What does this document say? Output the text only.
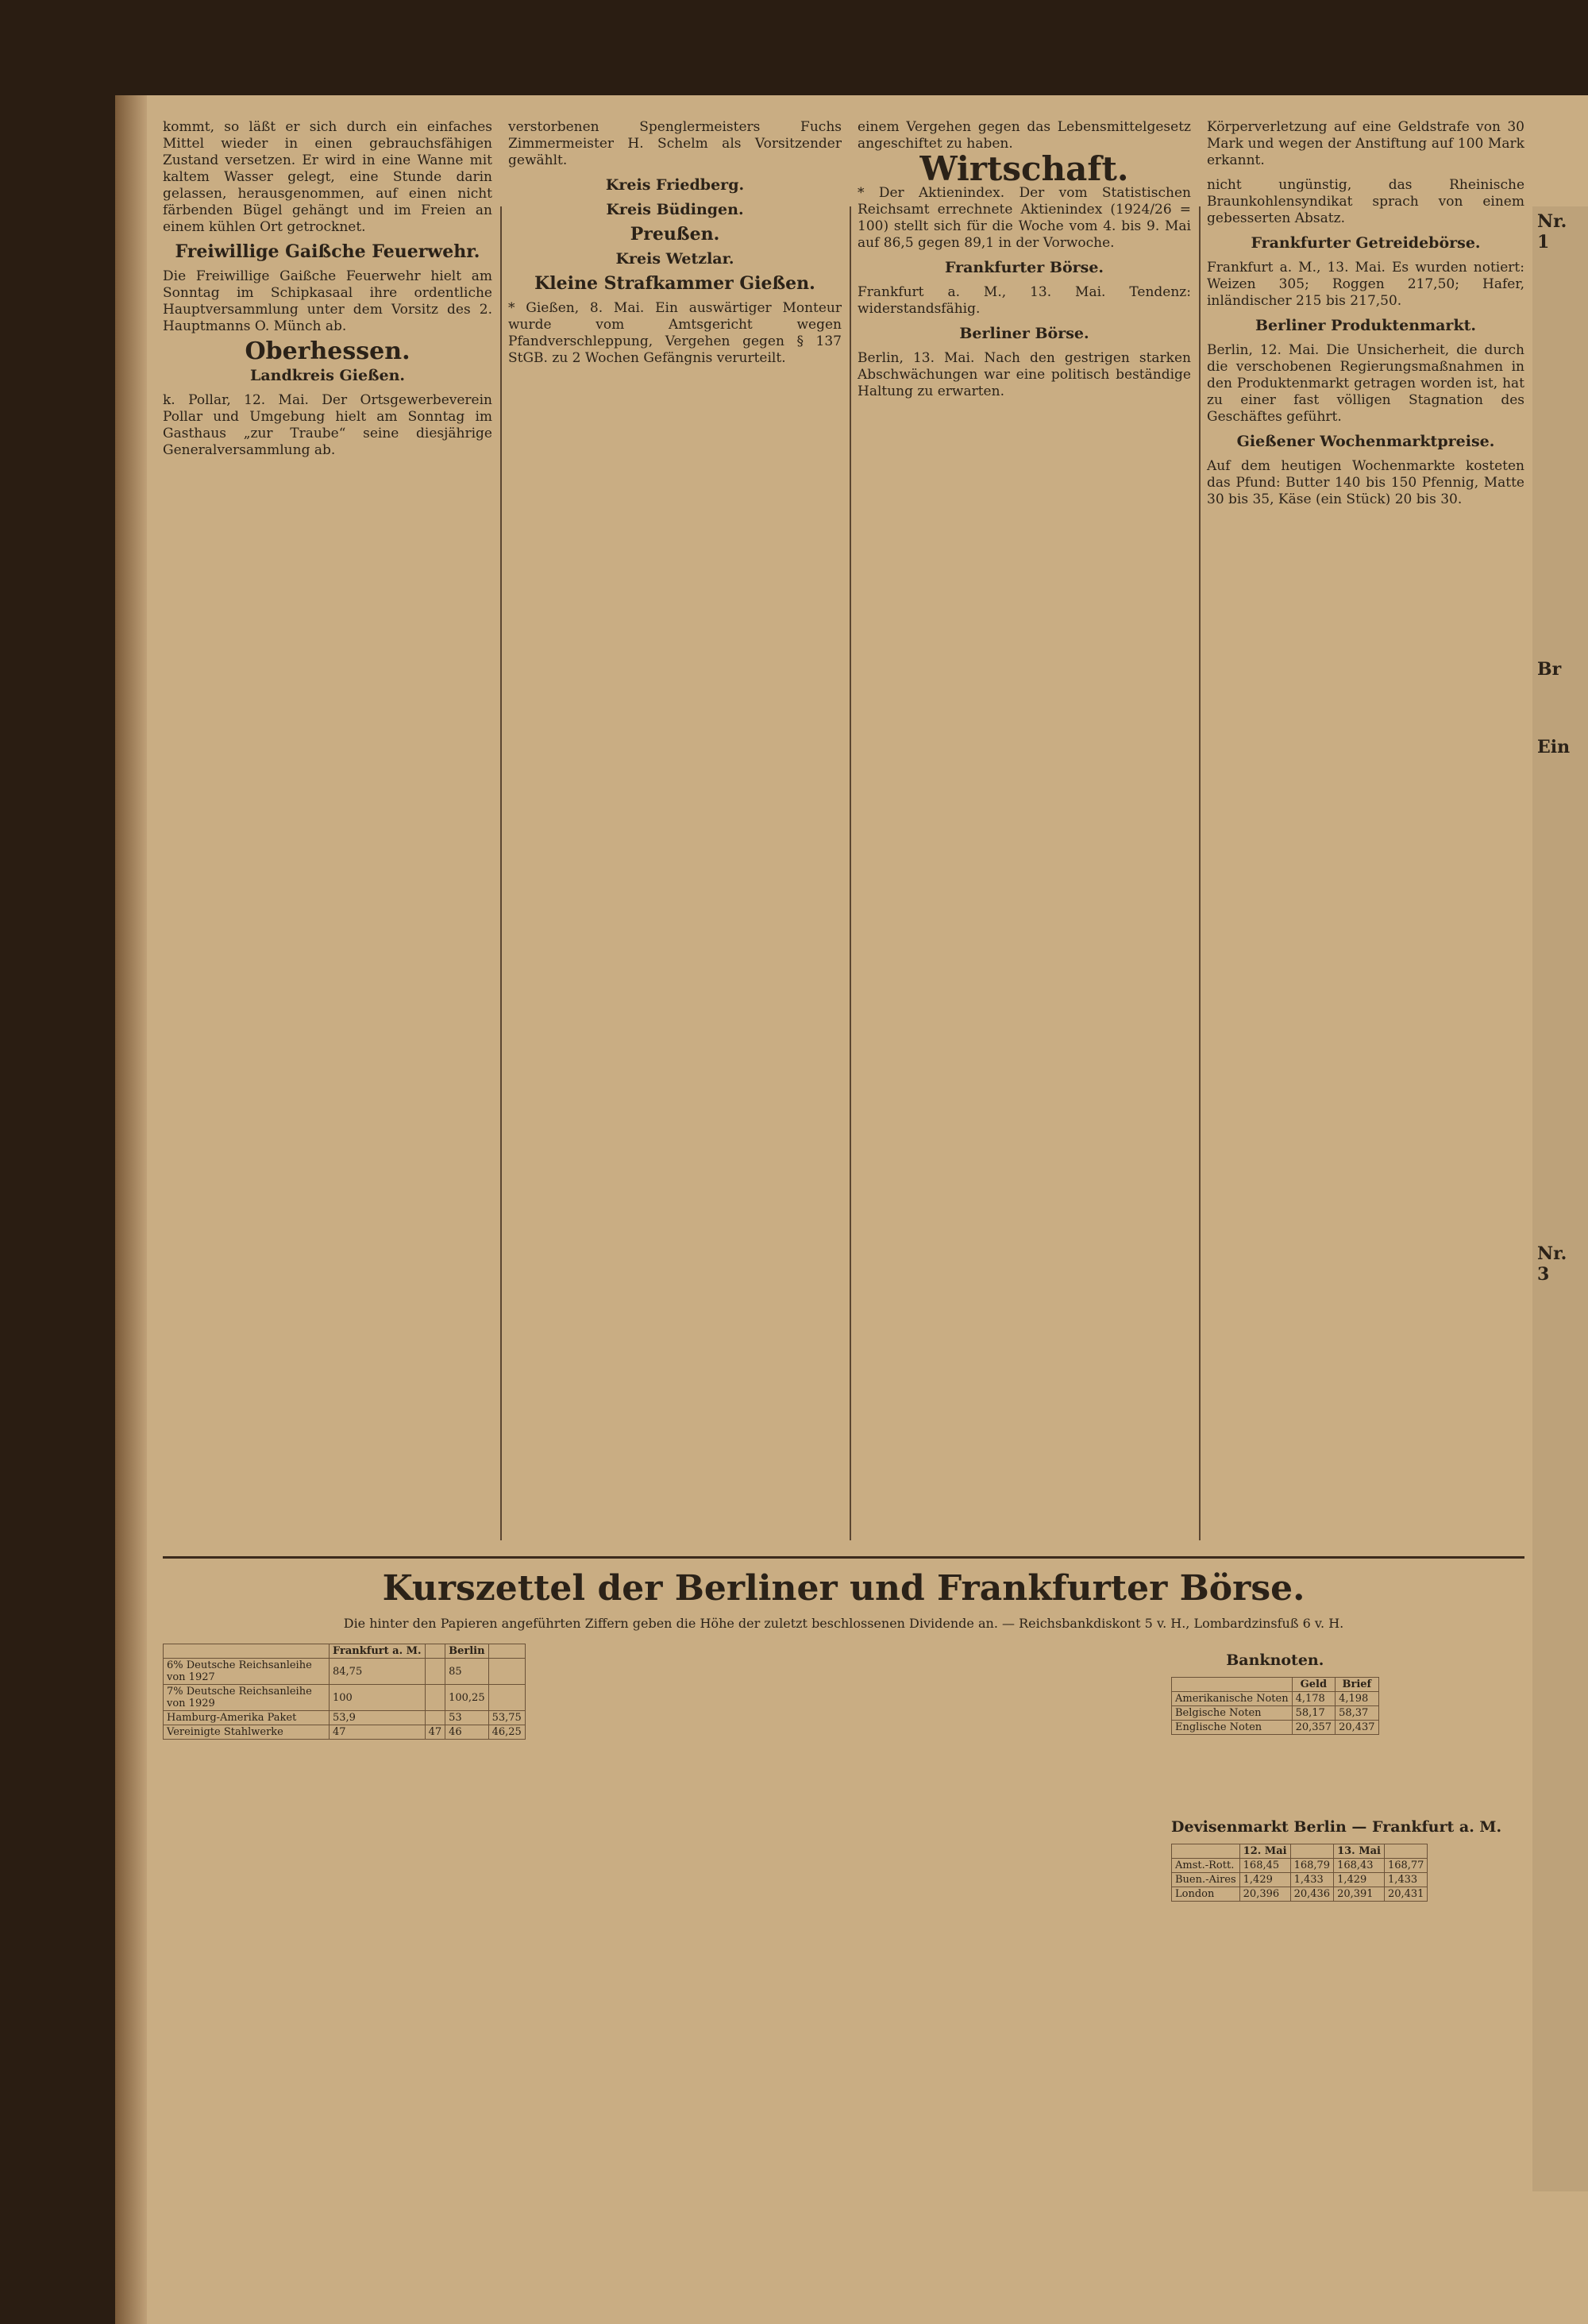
kommt, so läßt er sich durch ein einfaches Mittel wieder in einen gebrauchsfähigen Zustand versetzen. Er wird in eine Wanne mit kaltem Wasser gelegt, eine Stunde darin gelassen, herausgenommen, auf einen nicht färbenden Bügel gehängt und im Freien an einem kühlen Ort getrocknet.

Freiwillige Gaißche Feuerwehr.

Die Freiwillige Gaißche Feuerwehr hielt am Sonntag im Schipkasaal ihre ordentliche Hauptversammlung unter dem Vorsitz des 2. Hauptmanns O. Münch ab.

Oberhessen.
Landkreis Gießen.

k. Pollar, 12. Mai. Der Ortsgewerbeverein Pollar und Umgebung hielt am Sonntag im Gasthaus „zur Traube“ seine diesjährige Generalversammlung ab.

verstorbenen Spenglermeisters Fuchs Zimmermeister H. Schelm als Vorsitzender gewählt.

Kreis Friedberg.
Kreis Büdingen.
Preußen.
Kreis Wetzlar.
Kleine Strafkammer Gießen.

* Gießen, 8. Mai. Ein auswärtiger Monteur wurde vom Amtsgericht wegen Pfandverschleppung, Vergehen gegen § 137 StGB. zu 2 Wochen Gefängnis verurteilt.

einem Vergehen gegen das Lebensmittelgesetz angeschiftet zu haben.

Wirtschaft.

* Der Aktienindex. Der vom Statistischen Reichsamt errechnete Aktienindex (1924/26 = 100) stellt sich für die Woche vom 4. bis 9. Mai auf 86,5 gegen 89,1 in der Vorwoche.

Frankfurter Börse.

Frankfurt a. M., 13. Mai. Tendenz: widerstandsfähig.

Berliner Börse.

Berlin, 13. Mai. Nach den gestrigen starken Abschwächungen war eine politisch beständige Haltung zu erwarten.

Körperverletzung auf eine Geldstrafe von 30 Mark und wegen der Anstiftung auf 100 Mark erkannt.

nicht ungünstig, das Rheinische Braunkohlensyndikat sprach von einem gebesserten Absatz.

Frankfurter Getreidebörse.

Frankfurt a. M., 13. Mai. Es wurden notiert: Weizen 305; Roggen 217,50; Hafer, inländischer 215 bis 217,50.

Berliner Produktenmarkt.

Berlin, 12. Mai. Die Unsicherheit, die durch die verschobenen Regierungsmaßnahmen in den Produktenmarkt getragen worden ist, hat zu einer fast völligen Stagnation des Geschäftes geführt.

Gießener Wochenmarktpreise.

Auf dem heutigen Wochenmarkte kosteten das Pfund: Butter 140 bis 150 Pfennig, Matte 30 bis 35, Käse (ein Stück) 20 bis 30.

Kurszettel der Berliner und Frankfurter Börse.
Die hinter den Papieren angeführten Ziffern geben die Höhe der zuletzt beschlossenen Dividende an. — Reichsbankdiskont 5 v. H., Lombardzinsfuß 6 v. H.
	Frankfurt a. M.		Berlin	
6% Deutsche Reichsanleihe von 1927	84,75		85	
7% Deutsche Reichsanleihe von 1929	100		100,25	
Hamburg-Amerika Paket	53,9		53	53,75
Vereinigte Stahlwerke	47	47	46	46,25
Banknoten.
	Geld	Brief
Amerikanische Noten	4,178	4,198
Belgische Noten	58,17	58,37
Englische Noten	20,357	20,437
Devisenmarkt Berlin — Frankfurt a. M.
	12. Mai		13. Mai	
Amst.-Rott.	168,45	168,79	168,43	168,77
Buen.-Aires	1,429	1,433	1,429	1,433
London	20,396	20,436	20,391	20,431
Nr. 1
Br
Ein
Nr. 3
